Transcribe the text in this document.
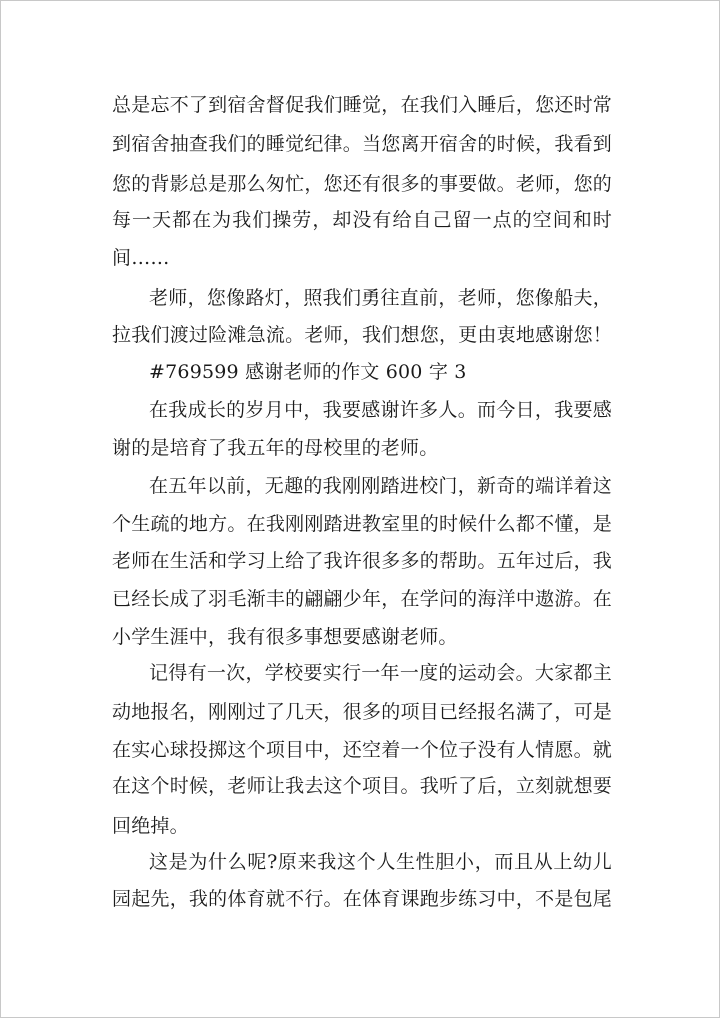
总是忘不了到宿舍督促我们睡觉，在我们入睡后，您还时常
到宿舍抽查我们的睡觉纪律。当您离开宿舍的时候，我看到
您的背影总是那么匆忙，您还有很多的事要做。老师，您的
每一天都在为我们操劳，却没有给自己留一点的空间和时
间……
老师，您像路灯，照我们勇往直前，老师，您像船夫，
拉我们渡过险滩急流。老师，我们想您，更由衷地感谢您！
#769599 感谢老师的作文 600 字 3
在我成长的岁月中，我要感谢许多人。而今日，我要感
谢的是培育了我五年的母校里的老师。
在五年以前，无趣的我刚刚踏进校门，新奇的端详着这
个生疏的地方。在我刚刚踏进教室里的时候什么都不懂，是
老师在生活和学习上给了我许很多多的帮助。五年过后，我
已经长成了羽毛渐丰的翩翩少年，在学问的海洋中遨游。在
小学生涯中，我有很多事想要感谢老师。
记得有一次，学校要实行一年一度的运动会。大家都主
动地报名，刚刚过了几天，很多的项目已经报名满了，可是
在实心球投掷这个项目中，还空着一个位子没有人情愿。就
在这个时候，老师让我去这个项目。我听了后，立刻就想要
回绝掉。
这是为什么呢?原来我这个人生性胆小，而且从上幼儿
园起先，我的体育就不行。在体育课跑步练习中，不是包尾
